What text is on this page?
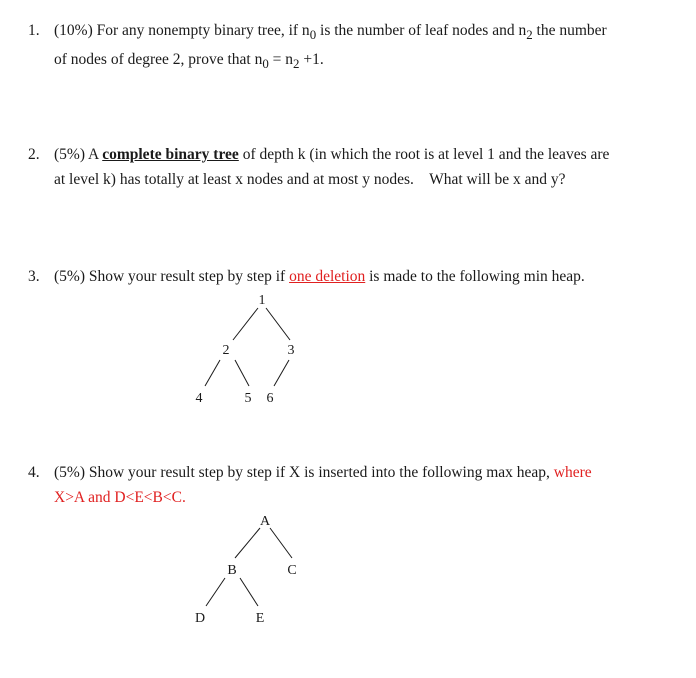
1. (10%) For any nonempty binary tree, if $n_0$ is the number of leaf nodes and $n_2$ the number
of nodes of degree 2, prove that $n_0 = n_2 +1$.
2. (5%) A complete binary tree of depth k (in which the root is at level 1 and the leaves are
at level k) has totally at least x nodes and at most y nodes.    What will be x and y?
3. (5%) Show your result step by step if one deletion is made to the following min heap.
1
2	3
4	5 6
4. (5%) Show your result step by step if X is inserted into the following max heap, where
X>A and D<E<B<C.
A
B	C
D	E
